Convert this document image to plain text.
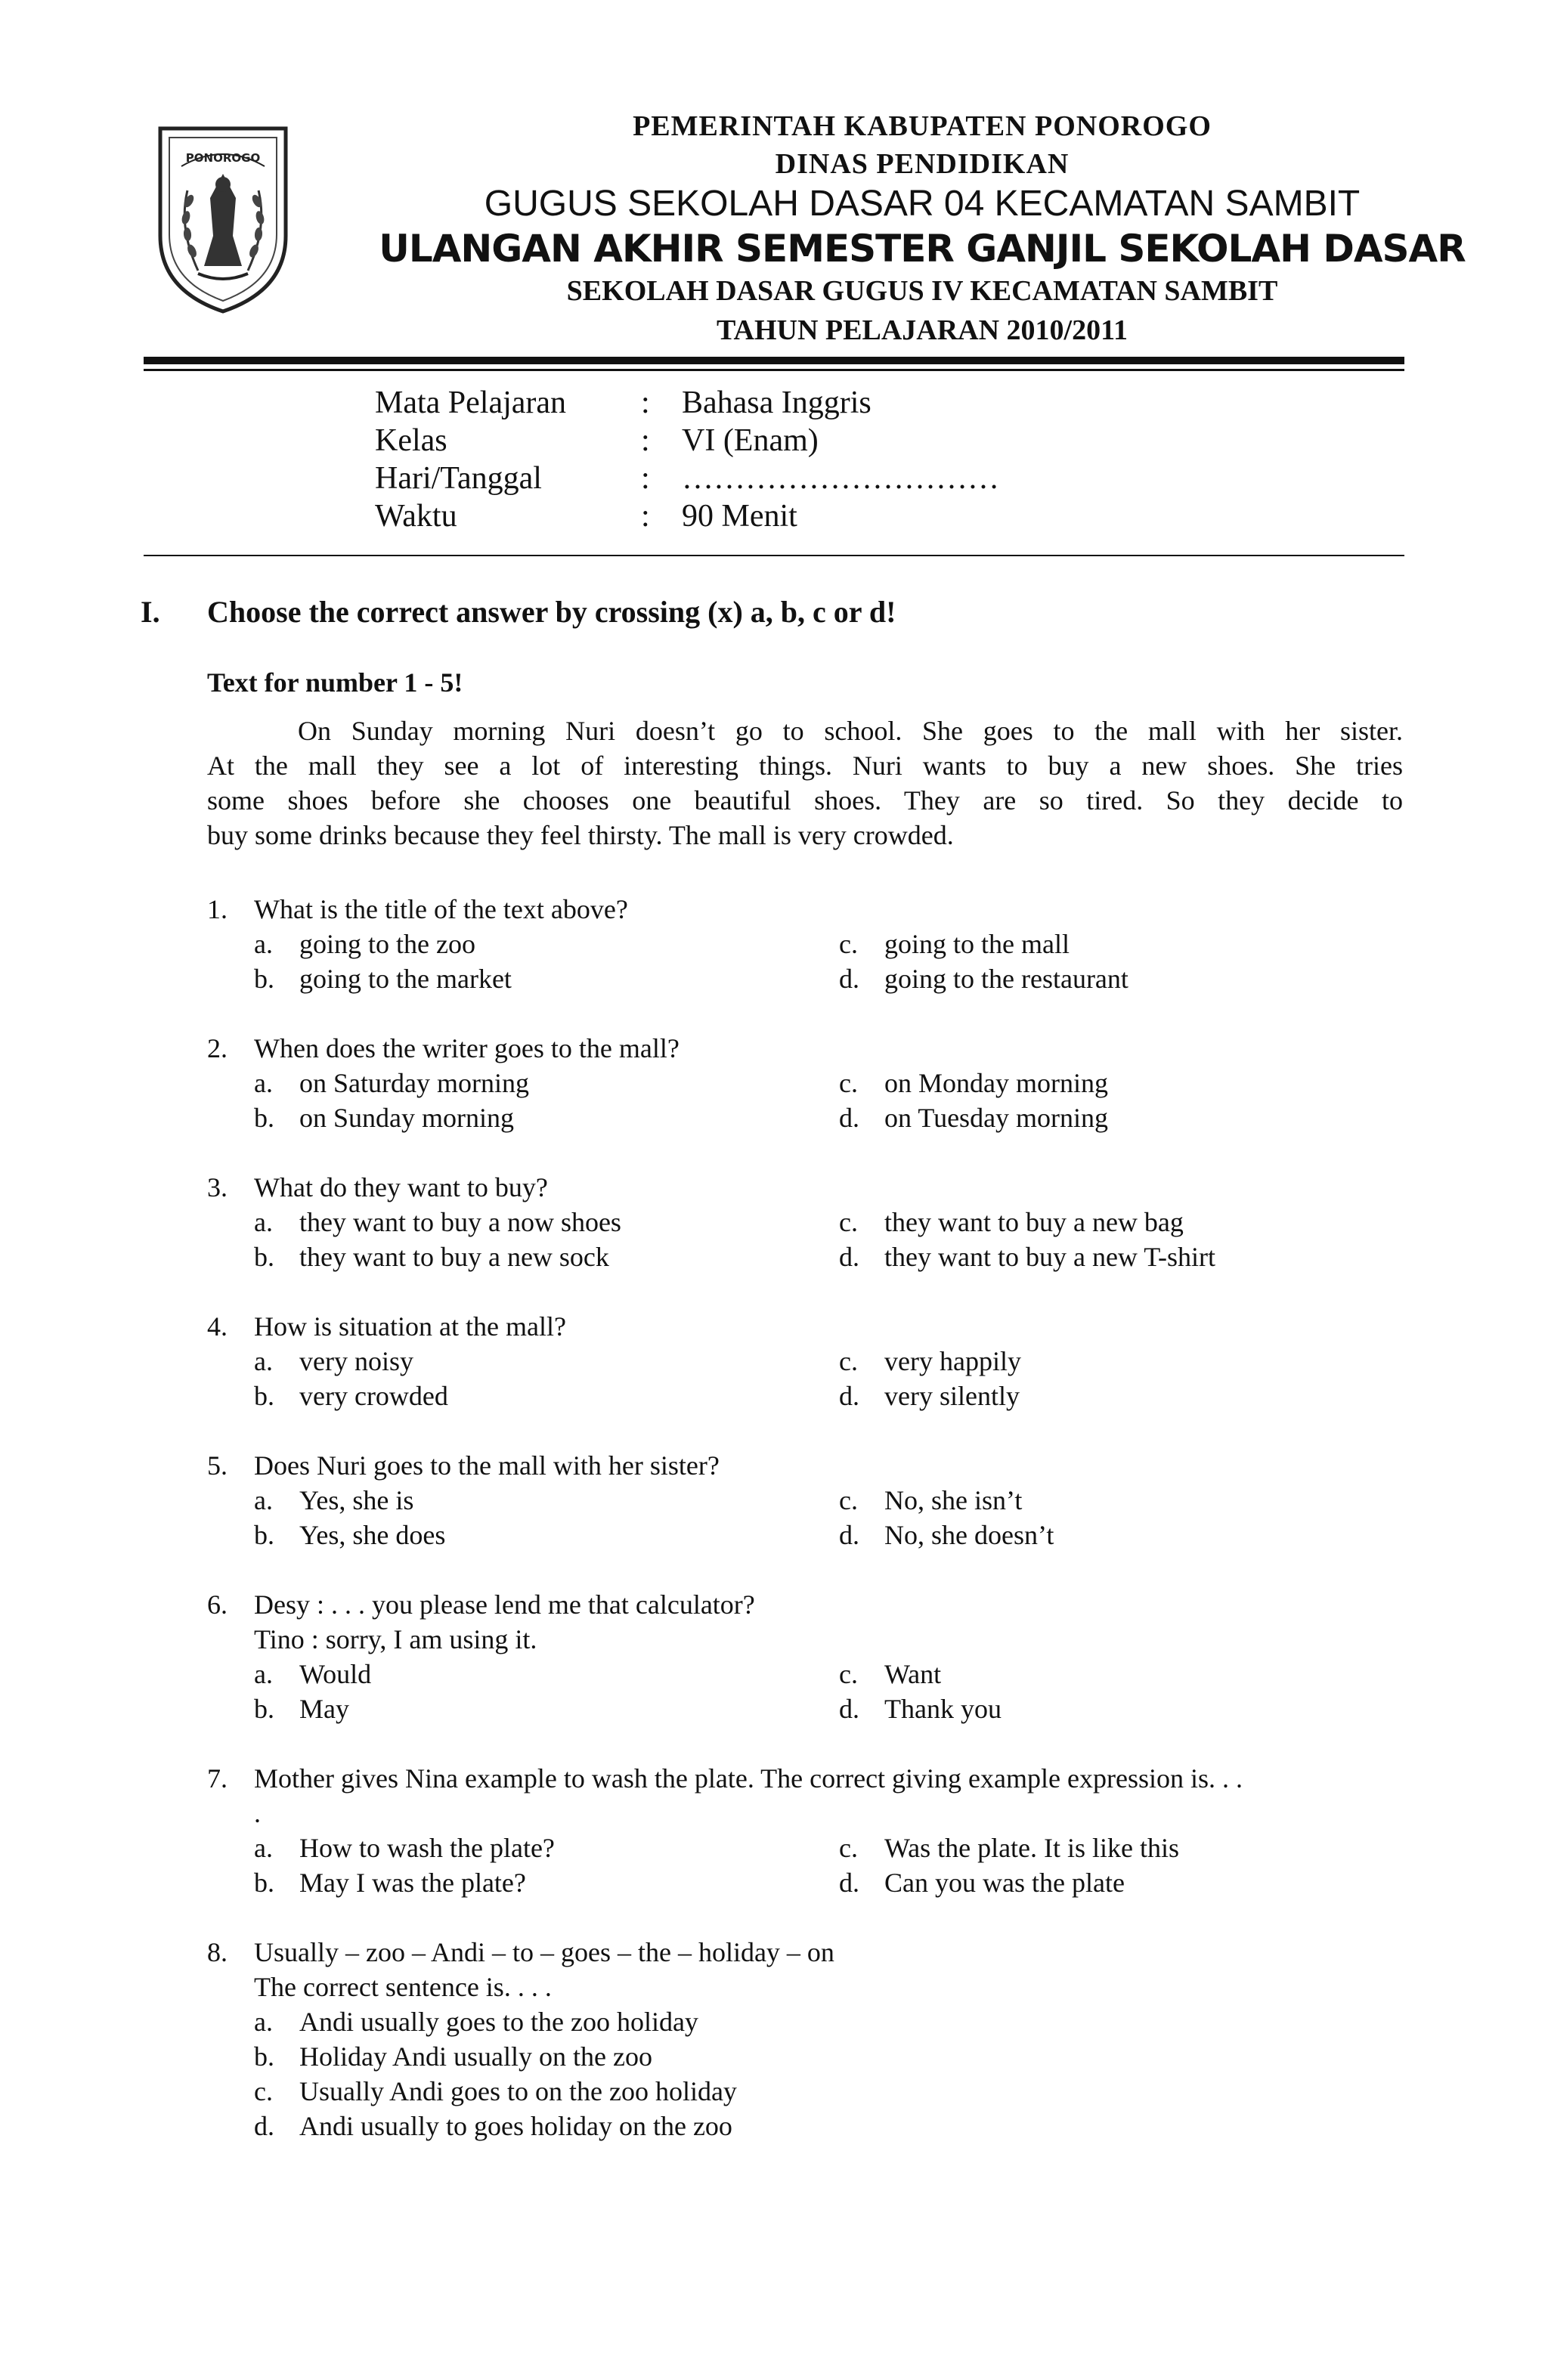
PONOROGO
PEMERINTAH KABUPATEN PONOROGO
DINAS PENDIDIKAN
GUGUS SEKOLAH DASAR 04 KECAMATAN SAMBIT
ULANGAN AKHIR SEMESTER GANJIL SEKOLAH DASAR
SEKOLAH DASAR GUGUS IV KECAMATAN SAMBIT
TAHUN PELAJARAN 2010/2011
Mata Pelajaran : Bahasa Inggris
Kelas	: VI (Enam)
Hari/Tanggal	: …………………………
Waktu	: 90 Menit
I. Choose the correct answer by crossing (x) a, b, c or d!
Text for number 1 - 5!
On Sunday morning Nuri doesn’t go to school. She goes to the mall with her sister.
At the mall they see a lot of interesting things. Nuri wants to buy a new shoes. She tries
some shoes before she chooses one beautiful shoes. They are so tired. So they decide to
buy some drinks because they feel thirsty. The mall is very crowded.
1. What is the title of the text above?
a. going to the zoo	c. going to the mall
b. going to the market	d. going to the restaurant
2. When does the writer goes to the mall?
a. on Saturday morning	c. on Monday morning
b. on Sunday morning	d. on Tuesday morning
3. What do they want to buy?
a. they want to buy a now shoes	c. they want to buy a new bag
b. they want to buy a new sock	d. they want to buy a new T-shirt
4. How is situation at the mall?
a. very noisy	c. very happily
b. very crowded	d. very silently
5. Does Nuri goes to the mall with her sister?
a. Yes, she is	c. No, she isn’t
b. Yes, she does	d. No, she doesn’t
6. Desy : . . . you please lend me that calculator?
Tino : sorry, I am using it.
a. Would	c. Want
b. May	d. Thank you
7. Mother gives Nina example to wash the plate. The correct giving example expression is. . .
.
a. How to wash the plate?	c. Was the plate. It is like this
b. May I was the plate?	d. Can you was the plate
8. Usually – zoo – Andi – to – goes – the – holiday – on
The correct sentence is. . . .
a. Andi usually goes to the zoo holiday
b. Holiday Andi usually on the zoo
c. Usually Andi goes to on the zoo holiday
d. Andi usually to goes holiday on the zoo
